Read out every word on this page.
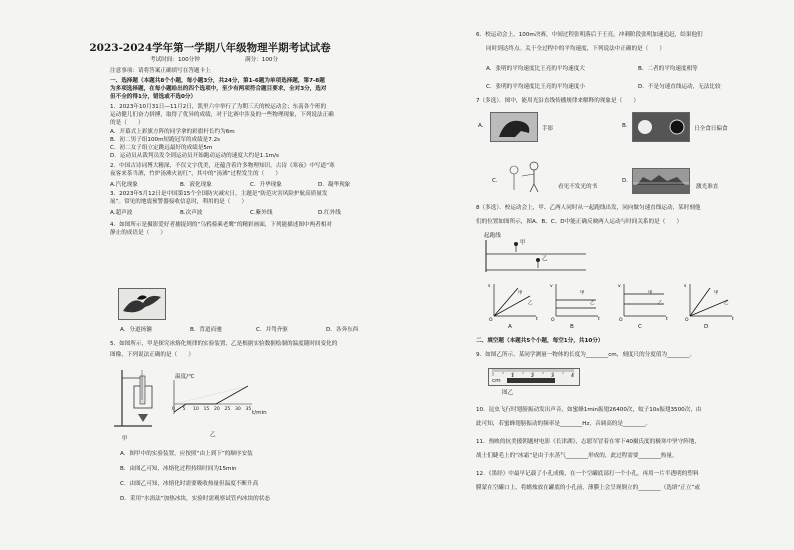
2023-2024学年第一学期八年级物理半期考试试卷
考试时间：100分钟	满分：100分
注意事项：请将答案正确填写在答题卡上
一、选择题（本题共8个小题，每小题3分，共24分，第1-6题为单项选择题，第7-8题
为多项选择题，在每小题给出的四个选项中，至少有两项符合题目要求，全对3分，选对
但不全的得1分，错选或不选0分）
1．2023年10月31日—11月2日，凯里六中举行了为期三天的校运动会；东南各个班的
运动健儿们奋力拼搏，取得了优异的成绩，对于比赛中涉及的一些物理现象，下列说法正确
的是（　　）
A．开幕式上彩旗方阵的同学拿的彩旗杆长约为6m
B．初二男子组100m短跑冠军的成绩是7.2s
C．初二女子组立定跳远最好的成绩是5m
D．运动员从裁判员发令到运动员开始跑动运动的速度大约是1.1m/s
2．中国古诗词博大精深，不仅文字优美，还蕴含着许多物理知识。古诗《寒夜》中写道“寒
夜客来茶当酒，竹炉汤沸火初红”，其中的“汤沸”过程发生的（　　）
A.汽化现象	B．液化现象	C．升华现象	D．凝华现象
3．2023年5月12日是中国第15个全国防灾减灾日，主题是“防范灾害风险护航高质量发
展”。常见的地震预警器接收信息时，利用的是（　　）
A.超声波	B.次声波	C.紫外线	D.红外线
4．如图所示是摄影爱好者捕捉到的“乌鸦骑乘老鹰”的精彩画面，下列能描述图中两者相对
静止的成语是（　　）
A．分道扬镳	B．背道而驰	C．并驾齐驱	D．各奔东西
5．如图所示，甲是探究冰熔化规律的实验装置，乙是根据实验数据绘制的温度随时间变化的
图像，下列说法正确的是（　　）
甲
温度/℃
t/min
乙
A．图甲中的实验装置，应按照“由上到下”的顺序安装
B．由图乙可知，冰熔化过程持续时间为15min
C．由图乙可知，冰熔化时需要吸收热量但温度不断升高
D．采用“水浴法”加热冰块，实验时需观察试管内冰块的状态
0 5 10 15 20 25 30 35
6．校运动会上，100m决赛，中间过程张明落后于王亮，冲刺阶段张明加速追赶，结果他们
同时到达终点。关于全过程中的平均速度，下列说法中正确的是（　　）
A．张明的平均速度比王亮的平均速度大	B．二者的平均速度相等
C．张明的平均速度比王亮的平均速度小	D．不是匀速直线运动，无法比较
7（多选）．图中，能用光沿直线传播规律来解释的现象是（　　）
A.	手影	B.	日全食日偏食
C.
看见不发光的书
D.
激光准直
8（多选）．校运动会上，甲、乙两人同时从一起跑线出发，同向做匀速直线运动，某时刻他
们的位置如图所示，图A、B、C、D中能正确反映两人运动与时间关系的是（　　）
起跑线
甲
乙
二、填空题（本题共5个小题，每空1分，共10分）
9．如图乙所示，某同学测量一物体的长度为________cm，刻度尺的分度值为________。
1	2	3	4
cm
图乙
10．昆虫飞行时翅膀振动发出声音，如蜜蜂1min振翅26400次，蚊子10s振翅3500次，由
此可知，若蜜蜂翅膀振动的频率是________Hz，音调高的是________。
11．热映的抗美援朝题材电影《长津湖》，志愿军冒着在零下40摄氏度的极寒中坚守阵地，
战士们睫毛上的“冰霜”是由于水蒸气________形成的，此过程需要________热量。
12．《墨经》中最早记载了小孔成像，在一个空罐底部打一个小孔，再用一片半透明的塑料
膜蒙在空罐口上，将蜡烛放在罐底的小孔前，薄膜上会呈现倒立的________（选填“正立”或
s
t
O
甲
乙
A
v
t
O
甲
乙
B
v
t
O
甲
乙
C
s
t
O
甲
乙
D
